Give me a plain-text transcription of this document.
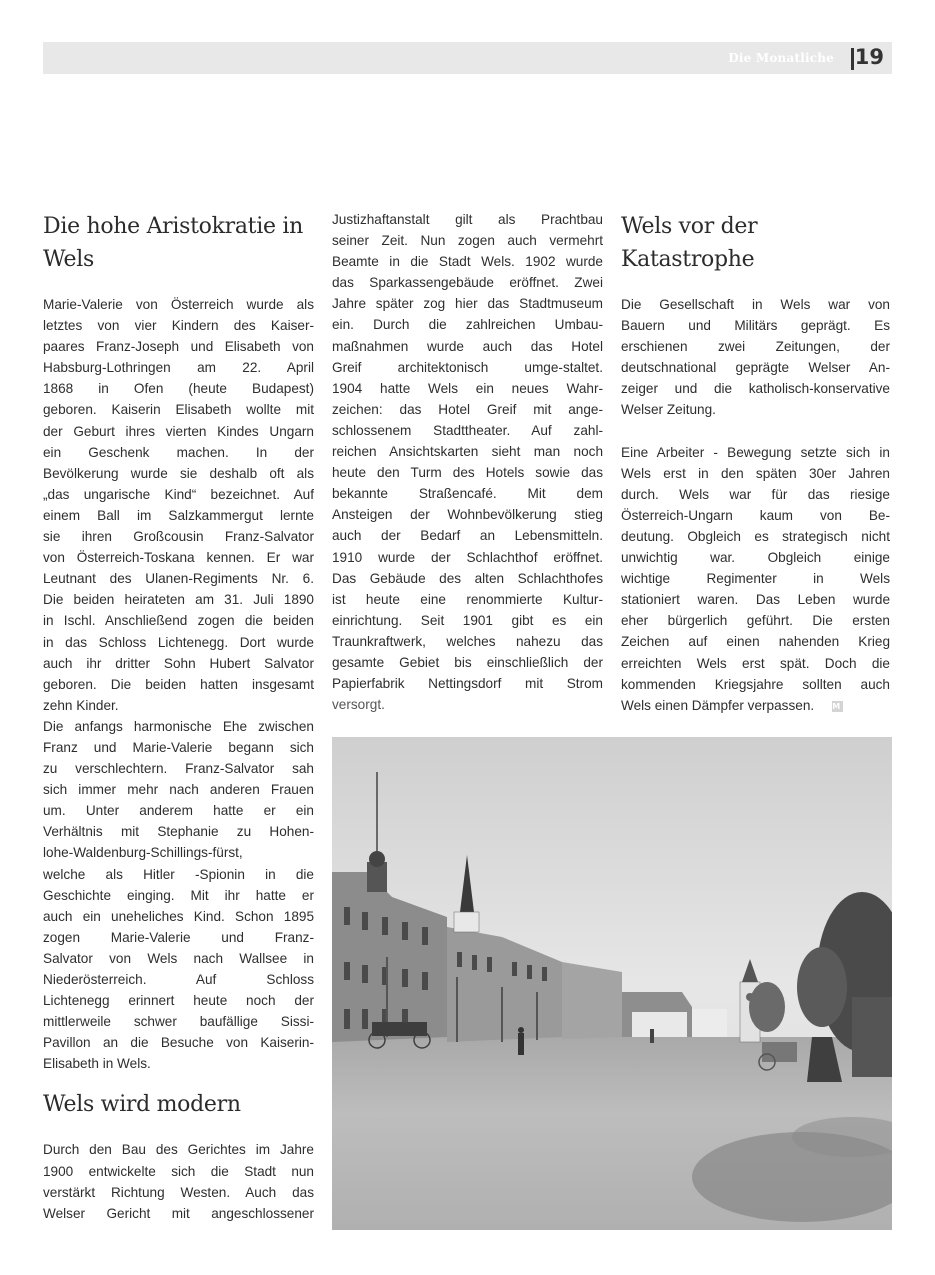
Die Monatliche 19
Die hohe Aristokratie in
Wels
Marie-Valerie von Österreich wurde als
letztes von vier Kindern des Kaiser-
paares Franz-Joseph und Elisabeth von
Habsburg-Lothringen am 22. April
1868 in Ofen (heute Budapest)
geboren. Kaiserin Elisabeth wollte mit
der Geburt ihres vierten Kindes Ungarn
ein Geschenk machen. In der
Bevölkerung wurde sie deshalb oft als
„das ungarische Kind“ bezeichnet. Auf
einem Ball im Salzkammergut lernte
sie ihren Großcousin Franz-Salvator
von Österreich-Toskana kennen. Er war
Leutnant des Ulanen-Regiments Nr. 6.
Die beiden heirateten am 31. Juli 1890
in Ischl. Anschließend zogen die beiden
in das Schloss Lichtenegg. Dort wurde
auch ihr dritter Sohn Hubert Salvator
geboren. Die beiden hatten insgesamt
zehn Kinder.
Die anfangs harmonische Ehe zwischen
Franz und Marie-Valerie begann sich
zu verschlechtern. Franz-Salvator sah
sich immer mehr nach anderen Frauen
um. Unter anderem hatte er ein
Verhältnis mit Stephanie zu Hohen-
lohe-Waldenburg-Schillings-fürst,
welche als Hitler -Spionin in die
Geschichte einging. Mit ihr hatte er
auch ein uneheliches Kind. Schon 1895
zogen Marie-Valerie und Franz-
Salvator von Wels nach Wallsee in
Niederösterreich. Auf Schloss
Lichtenegg erinnert heute noch der
mittlerweile schwer baufällige Sissi-
Pavillon an die Besuche von Kaiserin-
Elisabeth in Wels.
Wels wird modern
Durch den Bau des Gerichtes im Jahre
1900 entwickelte sich die Stadt nun
verstärkt Richtung Westen. Auch das
Welser Gericht mit angeschlossener
Justizhaftanstalt gilt als Prachtbau
seiner Zeit. Nun zogen auch vermehrt
Beamte in die Stadt Wels. 1902 wurde
das Sparkassengebäude eröffnet. Zwei
Jahre später zog hier das Stadtmuseum
ein. Durch die zahlreichen Umbau-
maßnahmen wurde auch das Hotel
Greif architektonisch umge-staltet.
1904 hatte Wels ein neues Wahr-
zeichen: das Hotel Greif mit ange-
schlossenem Stadttheater. Auf zahl-
reichen Ansichtskarten sieht man noch
heute den Turm des Hotels sowie das
bekannte Straßencafé. Mit dem
Ansteigen der Wohnbevölkerung stieg
auch der Bedarf an Lebensmitteln.
1910 wurde der Schlachthof eröffnet.
Das Gebäude des alten Schlachthofes
ist heute eine renommierte Kultur-
einrichtung. Seit 1901 gibt es ein
Traunkraftwerk, welches nahezu das
gesamte Gebiet bis einschließlich der
Papierfabrik Nettingsdorf mit Strom
versorgt.
Wels vor der
Katastrophe
Die Gesellschaft in Wels war von
Bauern und Militärs geprägt. Es
erschienen zwei Zeitungen, der
deutschnational geprägte Welser An-
zeiger und die katholisch-konservative
Welser Zeitung.
Eine Arbeiter - Bewegung setzte sich in
Wels erst in den späten 30er Jahren
durch. Wels war für das riesige
Österreich-Ungarn kaum von Be-
deutung. Obgleich es strategisch nicht
unwichtig war. Obgleich einige
wichtige Regimenter in Wels
stationiert waren. Das Leben wurde
eher bürgerlich geführt. Die ersten
Zeichen auf einen nahenden Krieg
erreichten Wels erst spät. Doch die
kommenden Kriegsjahre sollten auch
Wels einen Dämpfer verpassen. M
